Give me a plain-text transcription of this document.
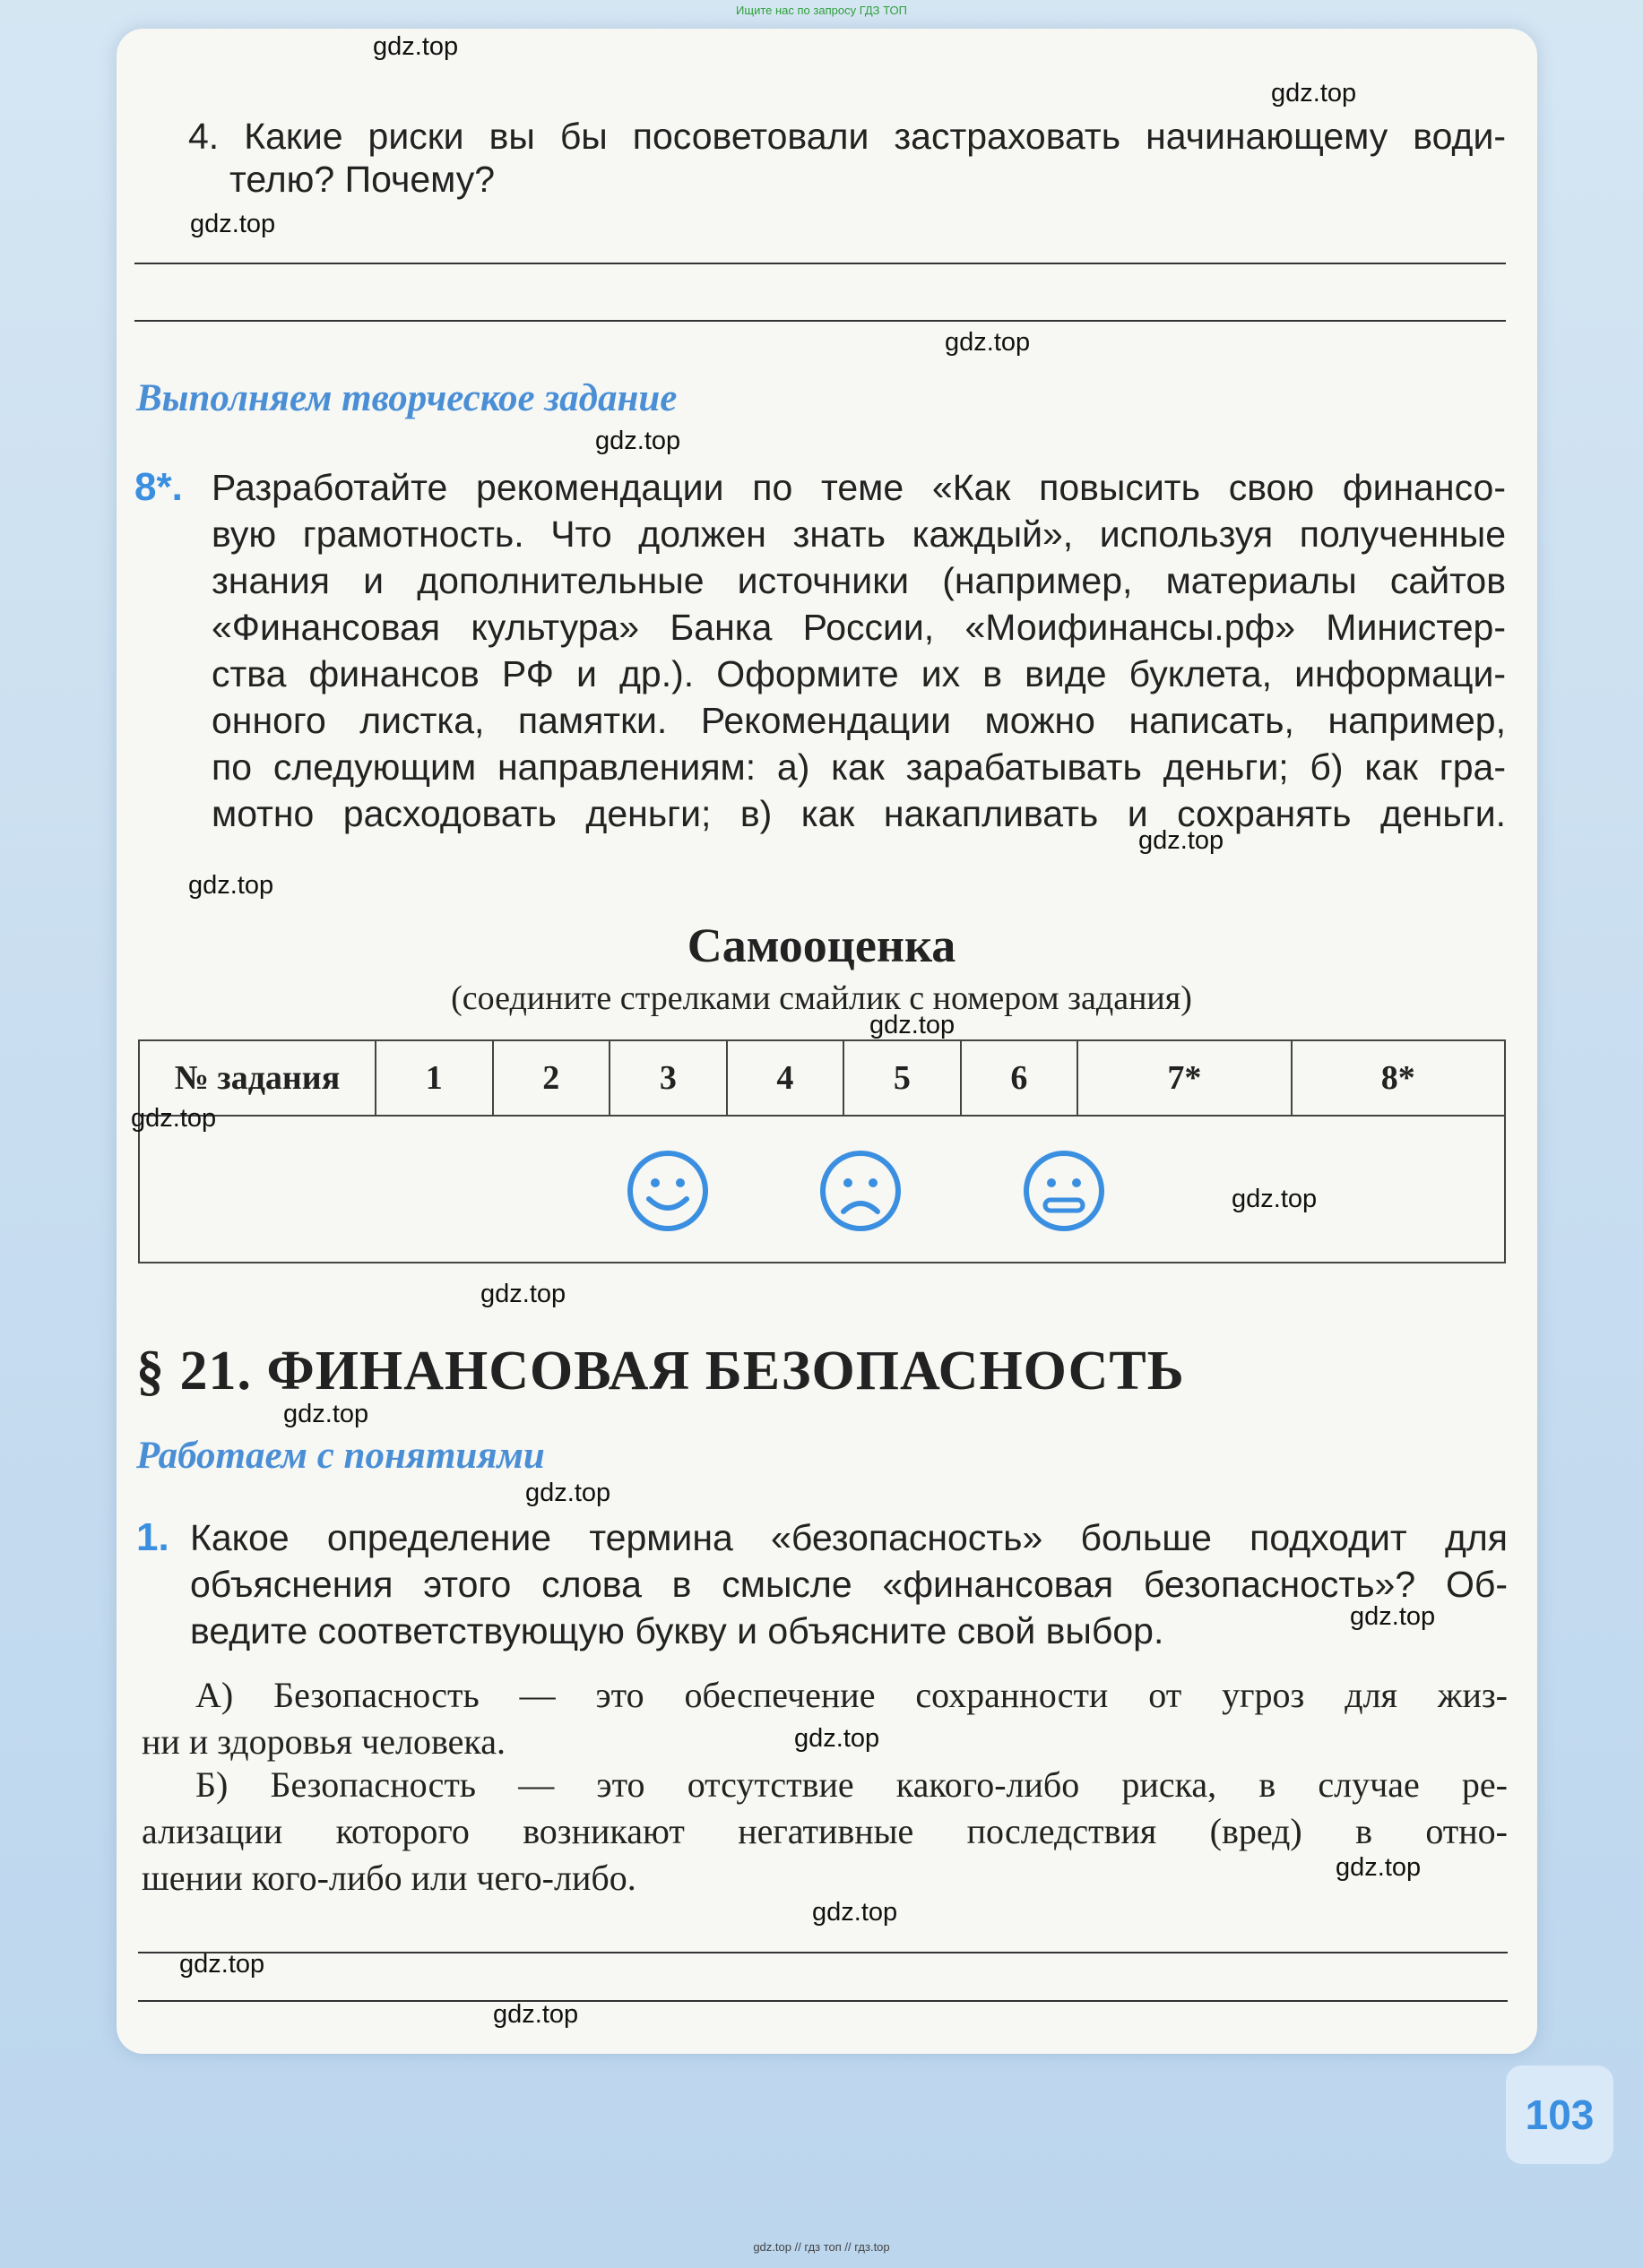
Ищите нас по запросу ГДЗ ТОП
4. Какие риски вы бы посоветовали застраховать начинающему води-
телю? Почему?
Выполняем творческое задание
8*. Разработайте рекомендации по теме «Как повысить свою финансо-
вую грамотность. Что должен знать каждый», используя полученные
знания и дополнительные источники (например, материалы сайтов
«Финансовая культура» Банка России, «Моифинансы.рф» Министер-
ства финансов РФ и др.). Оформите их в виде буклета, информаци-
онного листка, памятки. Рекомендации можно написать, например,
по следующим направлениям: а) как зарабатывать деньги; б) как гра-
мотно расходовать деньги; в) как накапливать и сохранять деньги.
Самооценка
(соедините стрелками смайлик с номером задания)
№ задания	1	2	3	4	5	6	7*	8*

§ 21. ФИНАНСОВАЯ БЕЗОПАСНОСТЬ
Работаем с понятиями
1. Какое определение термина «безопасность» больше подходит для
объяснения этого слова в смысле «финансовая безопасность»? Об-
ведите соответствующую букву и объясните свой выбор.
А) Безопасность — это обеспечение сохранности от угроз для жиз-
ни и здоровья человека.
Б) Безопасность — это отсутствие какого-либо риска, в случае ре-
ализации которого возникают негативные последствия (вред) в отно-
шении кого-либо или чего-либо.
103
gdz.top
gdz.top
gdz.top
gdz.top
gdz.top
gdz.top
gdz.top
gdz.top
gdz.top
gdz.top
gdz.top
gdz.top
gdz.top
gdz.top
gdz.top
gdz.top
gdz.top
gdz.top
gdz.top
gdz.top // гдз топ // гдз.top
